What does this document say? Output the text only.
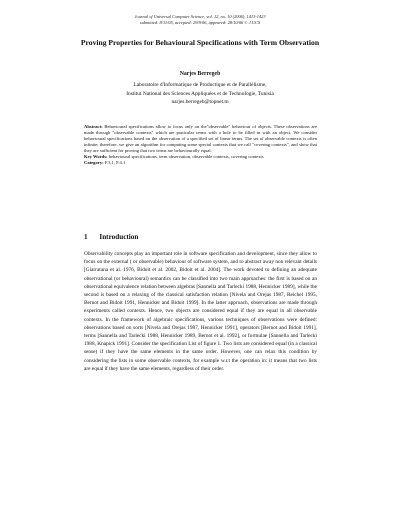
Journal of Universal Computer Science, vol. 12, no. 10 (2006), 1413-1423
submitted: 8/11/05, accepted: 29/9/06, appeared: 28/10/06 © J.UCS
Proving Properties for Behavioural Specifications with Term Observation
Narjes Berregeb
Laboratoire d'Informatique de Productique et de Parallélisme,
Institut National des Sciences Appliquées et de Technologie, Tunisia
narjes.berregeb@topnet.tn

Abstract: Behavioural specifications allow to focus only on the"observable" behaviour of objects. These observations are made through "observable contexts" which are particular terms with a hole to be filled in with an object. We consider behavioural specifications based on the observation of a specified set of linear terms. The set of observable contexts is often infinite; therefore, we give an algorithm for computing some special contexts that we call "covering contexts", and show that they are sufficient for proving that two terms are behaviourally equal.

Key Words: behavioural specifications, term observation, observable contexts, covering contexts

Category: F.3.1, F.4.1

1 Introduction

Observability concepts play an important role in software specification and development, since they allow to focus on the external ( or observable) behaviour of software system, and to abstract away non relevant details [Giarratana et al. 1976, Bidoit et al. 2002, Bidoit et al. 2004]. The work devoted to defining an adequate observational (or behavioural) semantics can be classified into two main approaches: the first is based on an observational equivalence relation between algebras [Sannella and Tarlecki 1988, Hennicker 1989], while the second is based on a relaxing of the classical satisfaction relation [Nivela and Orejas 1987, Reichel 1995, Bernot and Bidoit 1991, Hennicker and Bidoit 1999]. In the latter approach, observations are made through experiments called contexts. Hence, two objects are considered equal if they are equal in all observable contexts. In the framework of algebraic specifications, various techniques of observations were defined: observations based on sorts [Nivela and Orejas 1987, Hennicker 1991], operators [Bernot and Bidoit 1991], terms [Sannella and Tarlecki 1988, Hennicker 1989, Bernot et al. 1992], or formulae [Sannella and Tarlecki 1988, Knapick 1991]. Consider the specification List of figure 1. Two lists are considered equal (in a classical sense) if they have the same elements in the same order. However, one can relax this condition by considering the lists in some observable contexts, for example w.r.t the operation in: it means that two lists are equal if they have the same elements, regardless of their order.
